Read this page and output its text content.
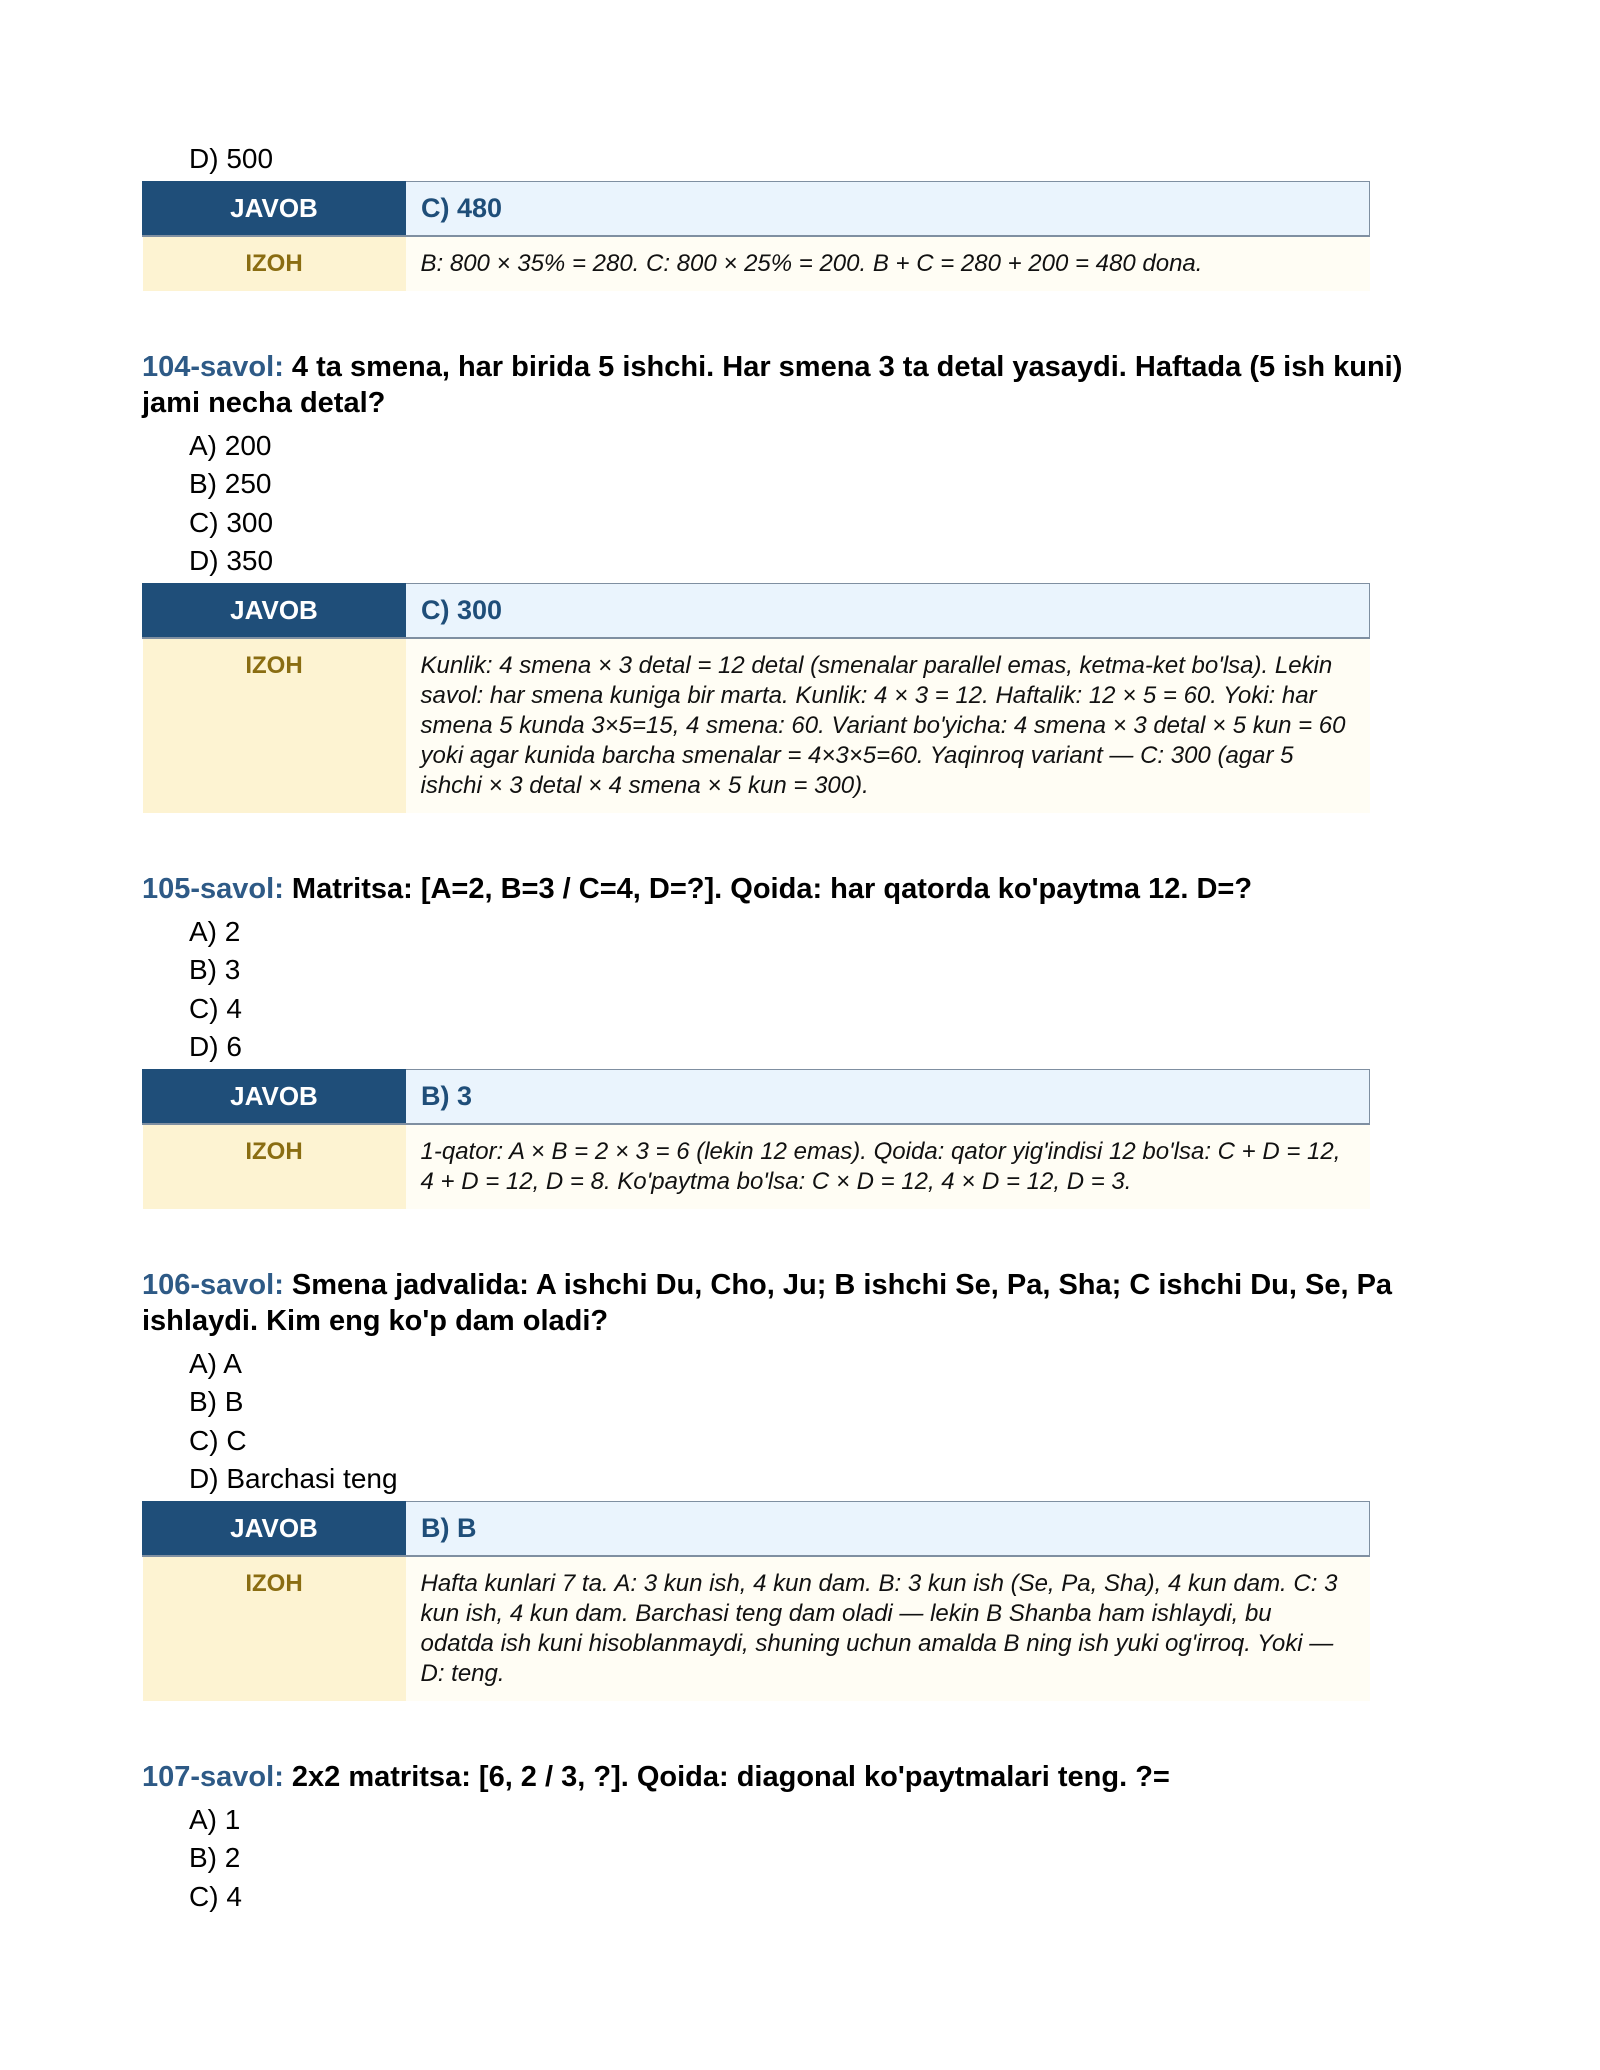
D) 500
JAVOB	C) 480
IZOH	B: 800 × 35% = 280. C: 800 × 25% = 200. B + C = 280 + 200 = 480 dona.
104-savol: 4 ta smena, har birida 5 ishchi. Har smena 3 ta detal yasaydi. Haftada (5 ish kuni) jami necha detal?
A) 200
B) 250
C) 300
D) 350
JAVOB	C) 300
IZOH	Kunlik: 4 smena × 3 detal = 12 detal (smenalar parallel emas, ketma-ket bo'lsa). Lekin savol: har smena kuniga bir marta. Kunlik: 4 × 3 = 12. Haftalik: 12 × 5 = 60. Yoki: har smena 5 kunda 3×5=15, 4 smena: 60. Variant bo'yicha: 4 smena × 3 detal × 5 kun = 60 yoki agar kunida barcha smenalar = 4×3×5=60. Yaqinroq variant — C: 300 (agar 5 ishchi × 3 detal × 4 smena × 5 kun = 300).
105-savol: Matritsa: [A=2, B=3 / C=4, D=?]. Qoida: har qatorda ko'paytma 12. D=?
A) 2
B) 3
C) 4
D) 6
JAVOB	B) 3
IZOH	1-qator: A × B = 2 × 3 = 6 (lekin 12 emas). Qoida: qator yig'indisi 12 bo'lsa: C + D = 12, 4 + D = 12, D = 8. Ko'paytma bo'lsa: C × D = 12, 4 × D = 12, D = 3.
106-savol: Smena jadvalida: A ishchi Du, Cho, Ju; B ishchi Se, Pa, Sha; C ishchi Du, Se, Pa ishlaydi. Kim eng ko'p dam oladi?
A) A
B) B
C) C
D) Barchasi teng
JAVOB	B) B
IZOH	Hafta kunlari 7 ta. A: 3 kun ish, 4 kun dam. B: 3 kun ish (Se, Pa, Sha), 4 kun dam. C: 3 kun ish, 4 kun dam. Barchasi teng dam oladi — lekin B Shanba ham ishlaydi, bu odatda ish kuni hisoblanmaydi, shuning uchun amalda B ning ish yuki og'irroq. Yoki — D: teng.
107-savol: 2x2 matritsa: [6, 2 / 3, ?]. Qoida: diagonal ko'paytmalari teng. ?=
A) 1
B) 2
C) 4
